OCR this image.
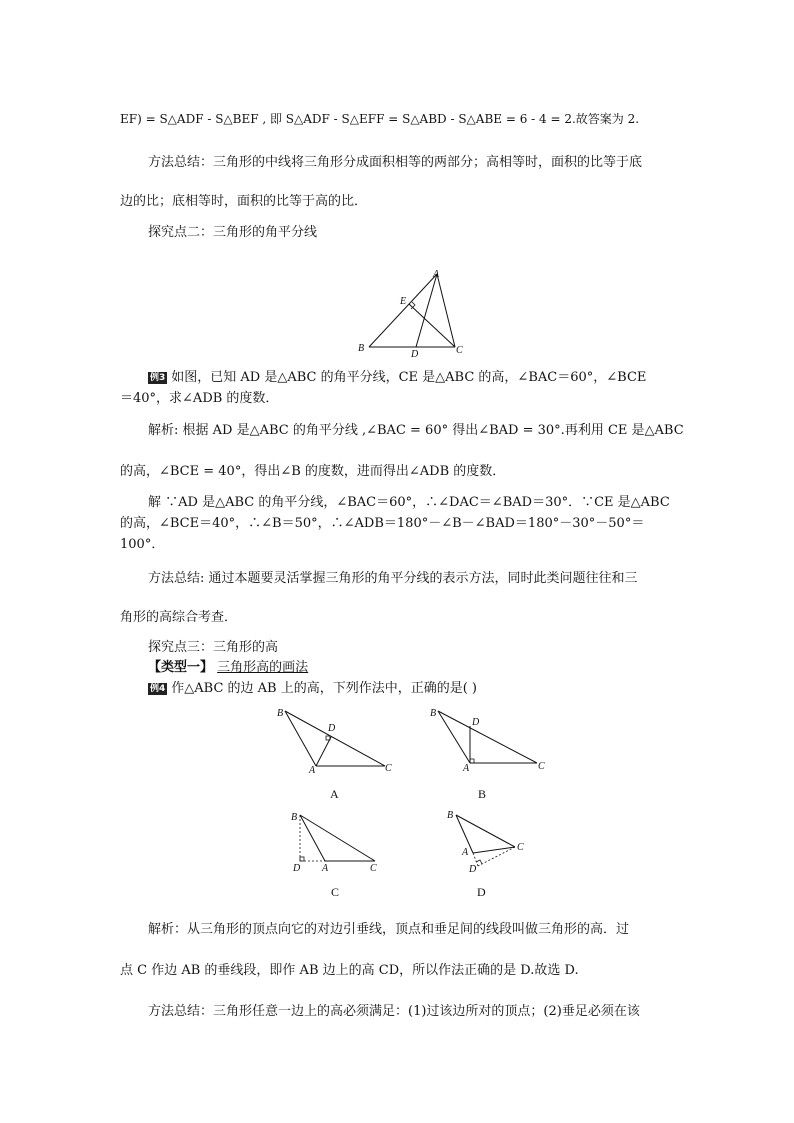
EF) = S△ADF - S△BEF , 即 S△ADF - S△EFF = S△ABD - S△ABE = 6 - 4 = 2.故答案为 2.
方法总结：三角形的中线将三角形分成面积相等的两部分；高相等时，面积的比等于底
边的比；底相等时，面积的比等于高的比．
探究点二：三角形的角平分线
A
E
B
D	C
例3 如图，已知 AD 是△ABC 的角平分线，CE 是△ABC 的高，∠BAC＝60°，∠BCE
＝40°，求∠ADB 的度数．
解析: 根据 AD 是△ABC 的角平分线 ,∠BAC = 60° 得出∠BAD = 30°.再利用 CE 是△ABC
的高，∠BCE = 40°，得出∠B 的度数，进而得出∠ADB 的度数．
解 ∵AD 是△ABC 的角平分线，∠BAC＝60°，∴∠DAC＝∠BAD＝30°．∵CE 是△ABC
的高，∠BCE＝40°，∴∠B＝50°，∴∠ADB＝180°－∠B－∠BAD＝180°－30°－50°＝
100°．
方法总结: 通过本题要灵活掌握三角形的角平分线的表示方法，同时此类问题往往和三
角形的高综合考查．
探究点三：三角形的高
【类型一】 三角形高的画法
例4 作△ABC 的边 AB 上的高，下列作法中，正确的是( )
B
D
A	C
A
B
D
A	C
B
B
D A	C
C
B
A	C
D
D
解析：从三角形的顶点向它的对边引垂线，顶点和垂足间的线段叫做三角形的高．过
点 C 作边 AB 的垂线段，即作 AB 边上的高 CD，所以作法正确的是 D.故选 D.
方法总结：三角形任意一边上的高必须满足：(1)过该边所对的顶点；(2)垂足必须在该
